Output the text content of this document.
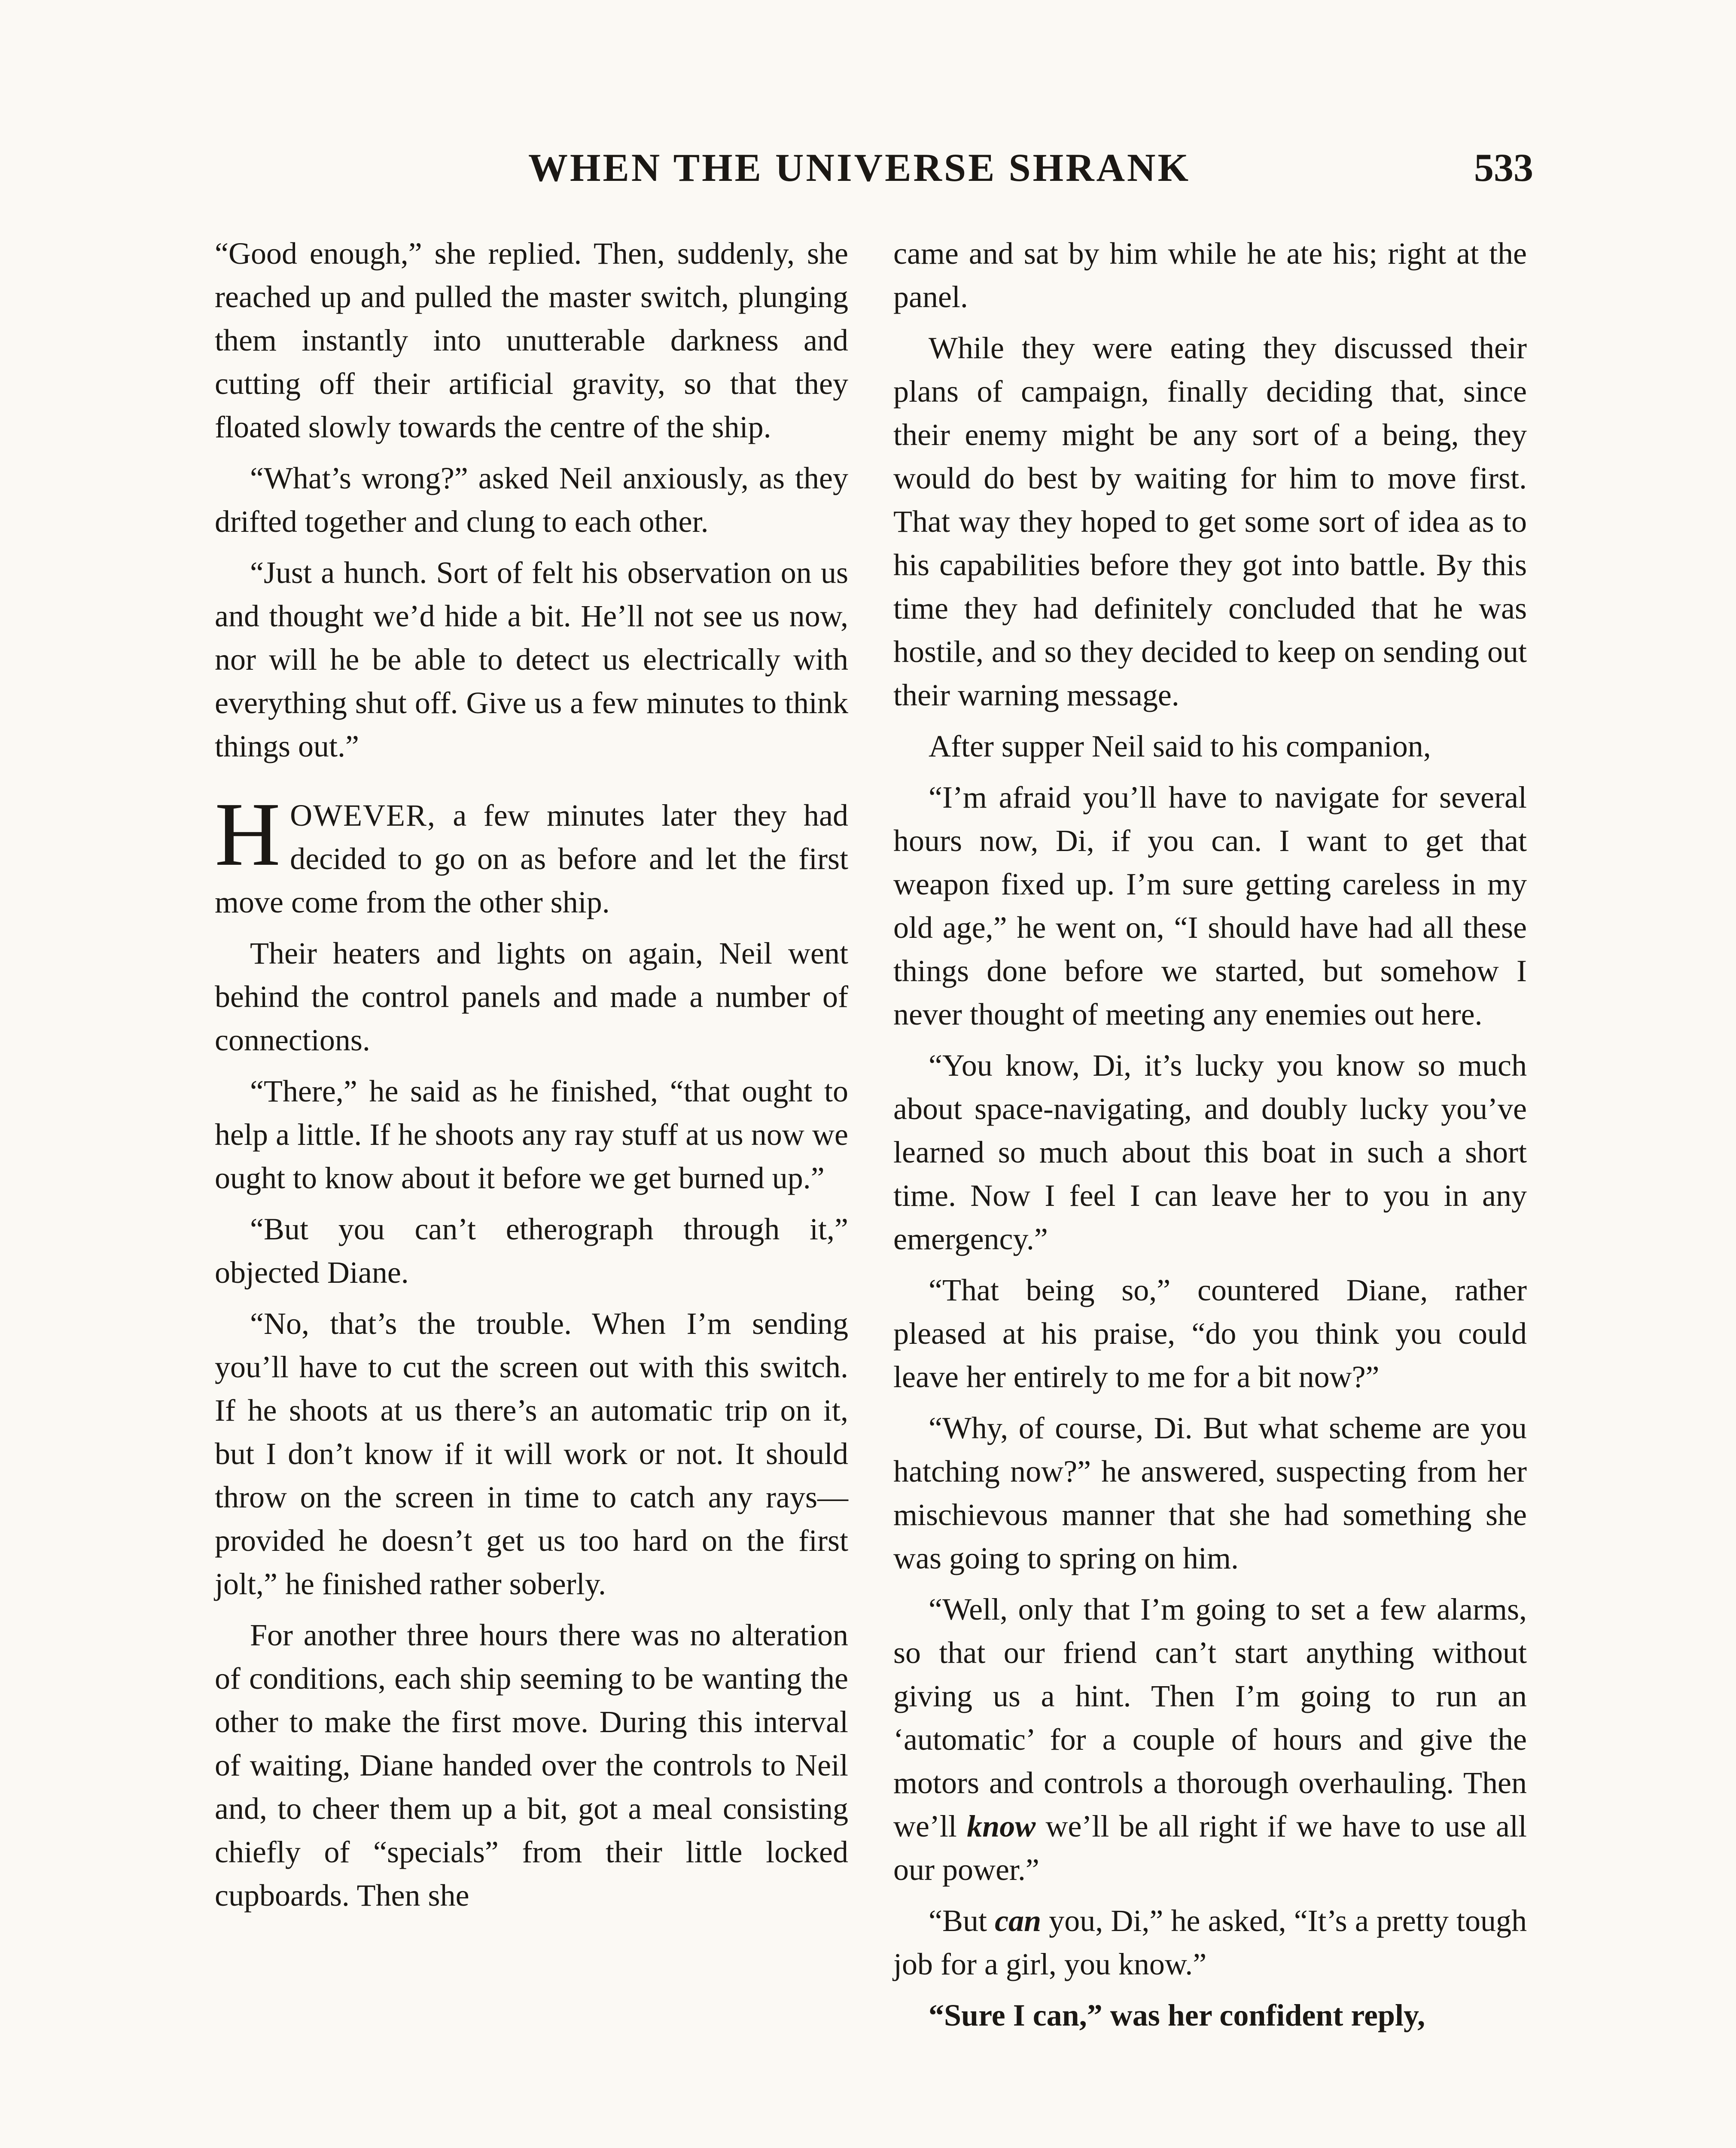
WHEN THE UNIVERSE SHRANK	533

“Good enough,” she replied. Then, suddenly, she reached up and pulled the master switch, plunging them instantly into unutterable darkness and cutting off their artificial gravity, so that they floated slowly towards the centre of the ship.

“What’s wrong?” asked Neil anxiously, as they drifted together and clung to each other.

“Just a hunch. Sort of felt his observation on us and thought we’d hide a bit. He’ll not see us now, nor will he be able to detect us electrically with everything shut off. Give us a few minutes to think things out.”

HOWEVER, a few minutes later they had decided to go on as before and let the first move come from the other ship.

Their heaters and lights on again, Neil went behind the control panels and made a number of connections.

“There,” he said as he finished, “that ought to help a little. If he shoots any ray stuff at us now we ought to know about it before we get burned up.”

“But you can’t etherograph through it,” objected Diane.

“No, that’s the trouble. When I’m sending you’ll have to cut the screen out with this switch. If he shoots at us there’s an automatic trip on it, but I don’t know if it will work or not. It should throw on the screen in time to catch any rays—provided he doesn’t get us too hard on the first jolt,” he finished rather soberly.

For another three hours there was no alteration of conditions, each ship seeming to be wanting the other to make the first move. During this interval of waiting, Diane handed over the controls to Neil and, to cheer them up a bit, got a meal consisting chiefly of “specials” from their little locked cupboards. Then she

came and sat by him while he ate his; right at the panel.

While they were eating they discussed their plans of campaign, finally deciding that, since their enemy might be any sort of a being, they would do best by waiting for him to move first. That way they hoped to get some sort of idea as to his capabilities before they got into battle. By this time they had definitely concluded that he was hostile, and so they decided to keep on sending out their warning message.

After supper Neil said to his companion,

“I’m afraid you’ll have to navigate for several hours now, Di, if you can. I want to get that weapon fixed up. I’m sure getting careless in my old age,” he went on, “I should have had all these things done before we started, but somehow I never thought of meeting any enemies out here.

“You know, Di, it’s lucky you know so much about space-navigating, and doubly lucky you’ve learned so much about this boat in such a short time. Now I feel I can leave her to you in any emergency.”

“That being so,” countered Diane, rather pleased at his praise, “do you think you could leave her entirely to me for a bit now?”

“Why, of course, Di. But what scheme are you hatching now?” he answered, suspecting from her mischievous manner that she had something she was going to spring on him.

“Well, only that I’m going to set a few alarms, so that our friend can’t start anything without giving us a hint. Then I’m going to run an ‘automatic’ for a couple of hours and give the motors and controls a thorough overhauling. Then we’ll know we’ll be all right if we have to use all our power.”

“But can you, Di,” he asked, “It’s a pretty tough job for a girl, you know.”

“Sure I can,” was her confident reply,
